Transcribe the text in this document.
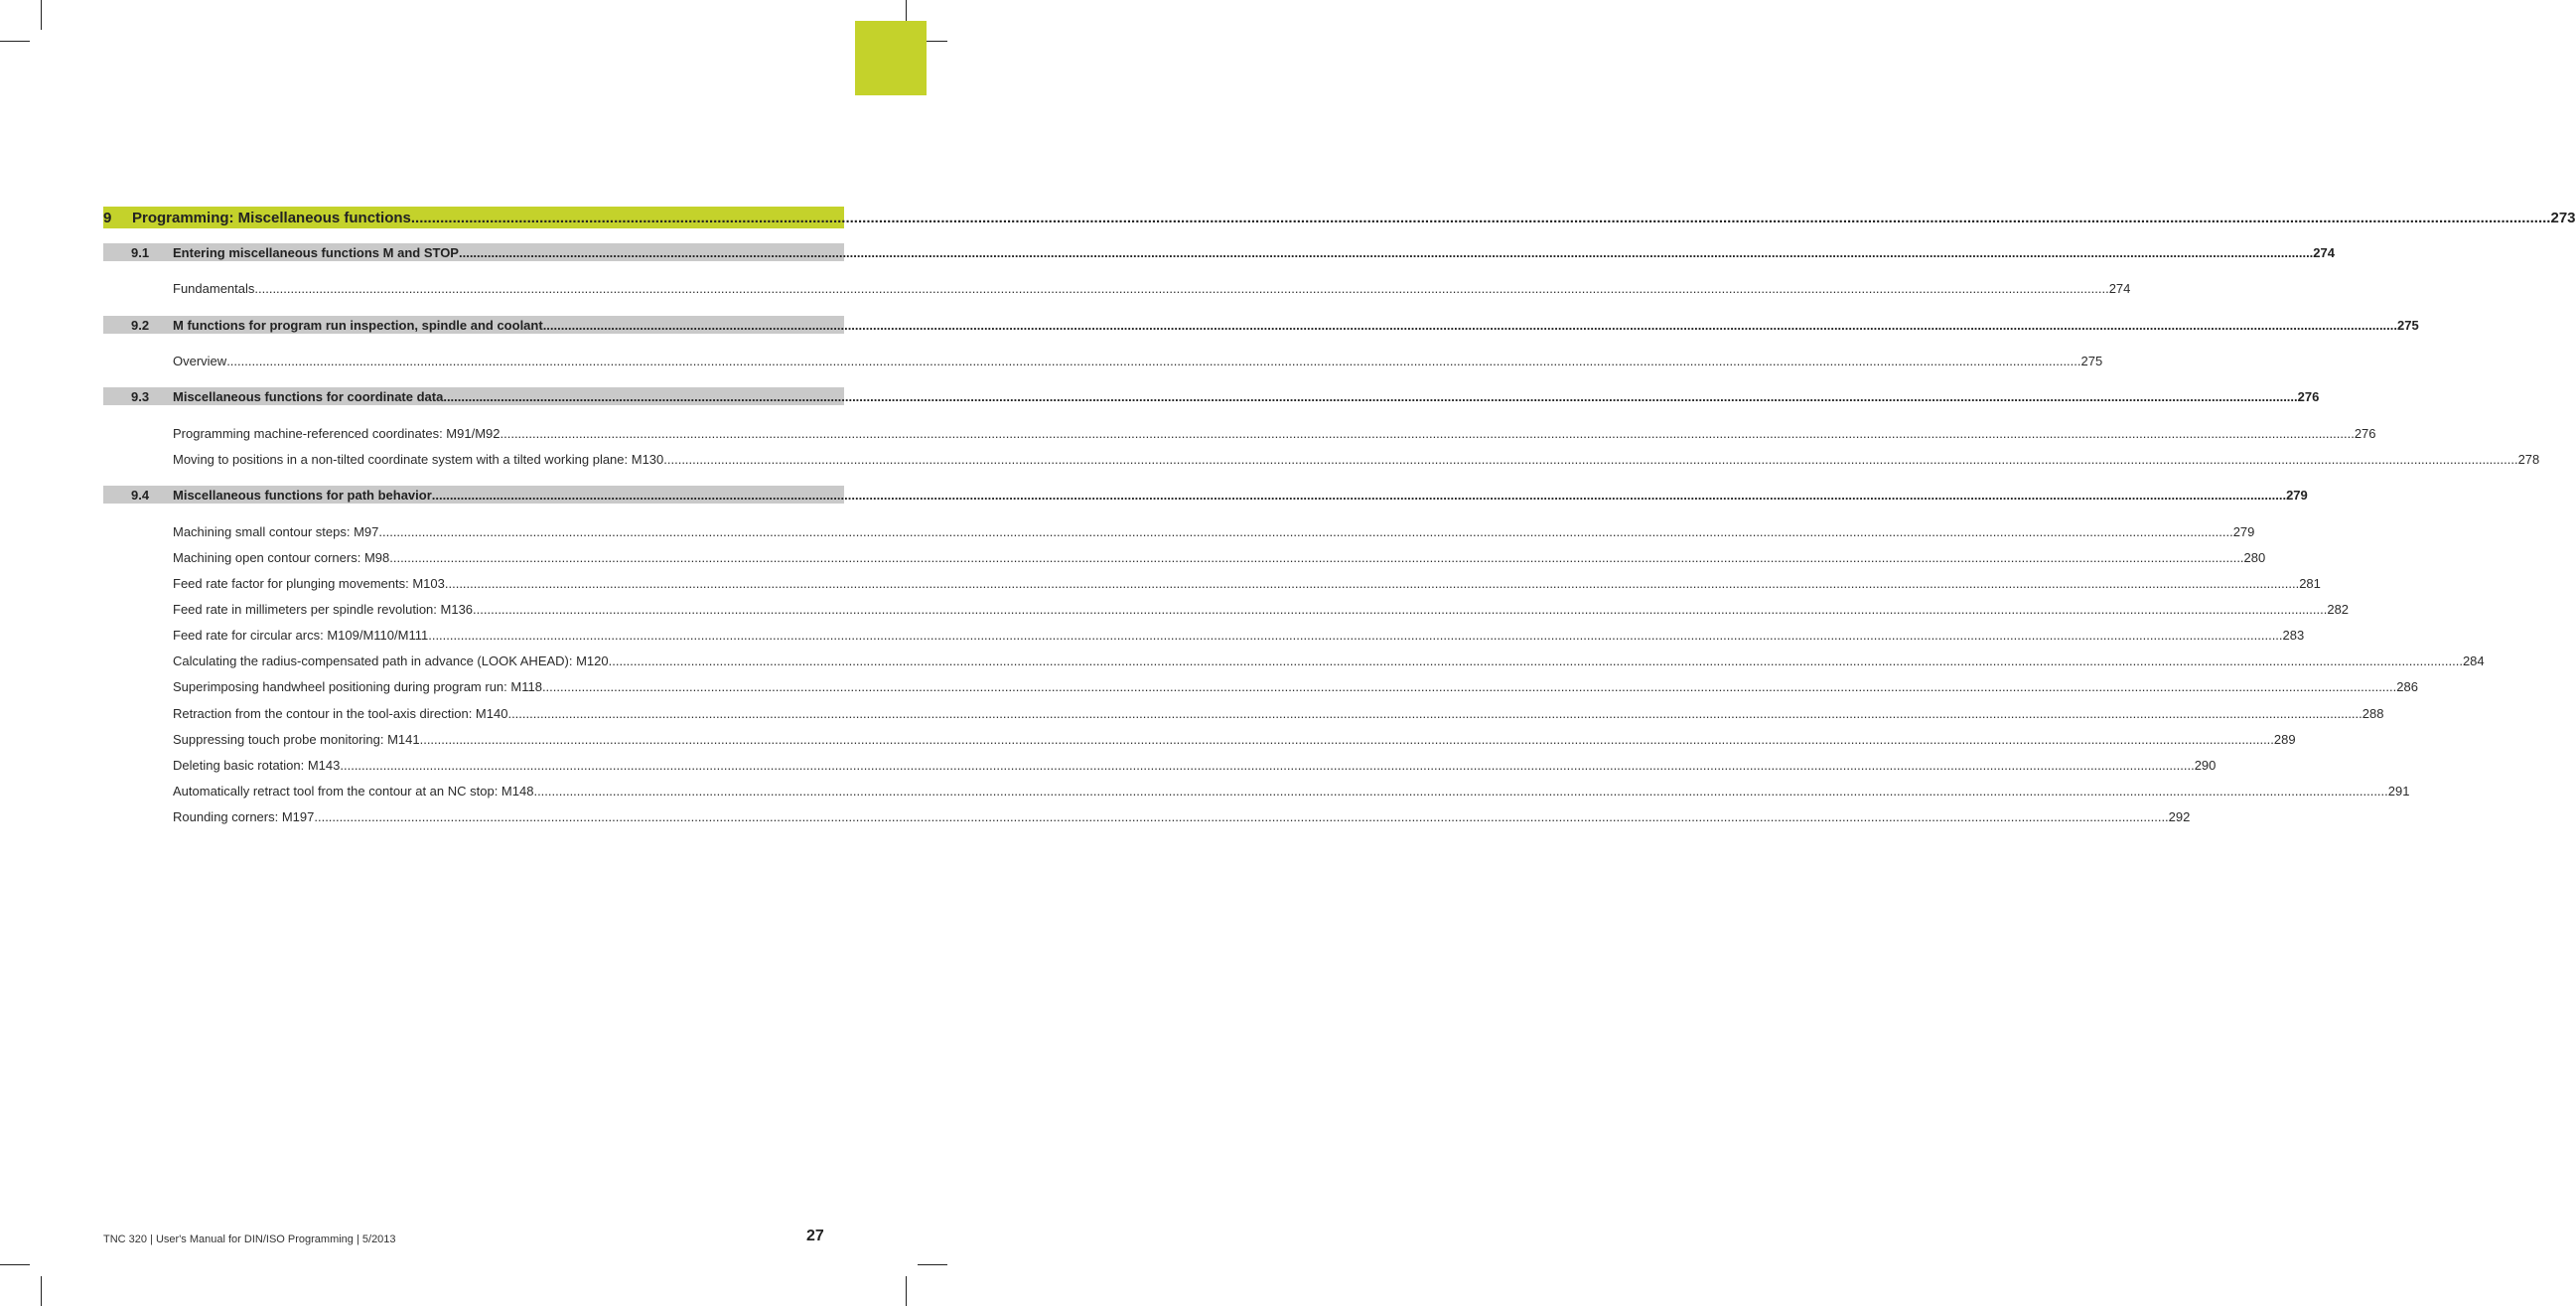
9	Programming: Miscellaneous functions .....	273
9.1	Entering miscellaneous functions M and STOP .....	274
Fundamentals .....	274
9.2	M functions for program run inspection, spindle and coolant .....	275
Overview .....	275
9.3	Miscellaneous functions for coordinate data .....	276
Programming machine-referenced coordinates: M91/M92 .....	276
Moving to positions in a non-tilted coordinate system with a tilted working plane: M130 .....	278
9.4	Miscellaneous functions for path behavior .....	279
Machining small contour steps: M97 .....	279
Machining open contour corners: M98 .....	280
Feed rate factor for plunging movements: M103 .....	281
Feed rate in millimeters per spindle revolution: M136 .....	282
Feed rate for circular arcs: M109/M110/M111 .....	283
Calculating the radius-compensated path in advance (LOOK AHEAD): M120 .....	284
Superimposing handwheel positioning during program run: M118 .....	286
Retraction from the contour in the tool-axis direction: M140 .....	288
Suppressing touch probe monitoring: M141 .....	289
Deleting basic rotation: M143 .....	290
Automatically retract tool from the contour at an NC stop: M148 .....	291
Rounding corners: M197 .....	292
TNC 320 | User's Manual for DIN/ISO Programming | 5/2013	27
